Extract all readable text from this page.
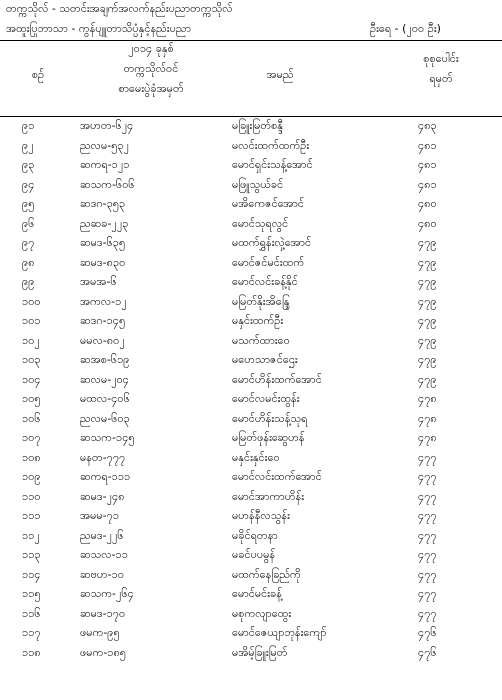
တက္ကသိုလ် - သတင်းအချက်အလက်နည်းပညာတက္ကသိုလ်
အထူးပြုဘာသာ - ကွန်ပျူတာသိပ္ပံနှင့်နည်းပညာ	ဦးရေ - (၂၀၀ ဦး)
စဉ်
၂၀၁၄ ခုနှစ်
တက္ကသိုလ်ဝင်
စာမေးပွဲခုံအမှတ်
အမည်
စုစုပေါင်း
ရမှတ်
၉၁	အဟတ-၆၂၄	မခြူးမြတ်စန္ဒီ	၄၈၃
၉၂	ညလမ-၅၃၂	မလင်းထက်ထက်ဦး	၄၈၁
၉၃	ဆကရ-၁၂၁	မောင်ရှင်းသန့်အောင်	၄၈၁
၉၄	ဆသက-၆၀၆	မဖြူသွယ်ခင်	၄၈၁
၉၅	ဆဒဂ-၃၅၃	မအိကေဇင်အောင်	၄၈၀
၉၆	ညဆခ-၂၂၃	မောင်သုရလွင်	၄၈၀
၉၇	ဆမဒ-၆၃၅	မထက်ရွှန်းလှဲ့အောင်	၄၇၉
၉၈	ဆမဒ-၈၃၀	မောင်ဇင်မင်းထက်	၄၇၉
၉၉	အမအ-၆	မောင်လင်းခန့်နိုင်	၄၇၉
၁၀၀	အကလ-၁၂	မမြတ်နိုးအိန္ဒြေ	၄၇၉
၁၀၁	ဆဒဂ-၁၄၅	မနှင်းထက်ဦး	၄၇၉
၁၀၂	မမလ-၈၀၂	မသက်ထားဝေ	၄၇၉
၁၀၃	ဆအစ-၆၁၉	မဟေသာဇင်ဌေး	၄၇၉
၁၀၄	ဆလမ-၂၀၄	မောင်ဟိန်းထက်အောင်	၄၇၉
၁၀၅	မထလ-၄၀၆	မောင်လမင်းထွန်း	၄၇၈
၁၀၆	ညလမ-၆၀၃	မောင်ဟိန်းသန့်သုရ	၄၇၈
၁၀၇	ဆသက-၁၄၅	မမြတ်ဖုန်းဆွေဟန်	၄၇၈
၁၀၈	မနတ-၇၇၇	မနှင်းနှင်းဝေ	၄၇၇
၁၀၉	ဆကရ-၁၁၁	မောင်လင်းထက်အောင်	၄၇၇
၁၁၀	ဆမဒ-၂၄၈	မောင်အာကာဟိန်း	၄၇၇
၁၁၁	အမမ-၇၁	မဟန်နီလသွန်း	၄၇၇
၁၁၂	ညမဒ-၂၂၆	မခိုင်ရတနာ	၄၇၇
၁၁၃	ဆသလ-၁၁	မခင်ပပမွန်	၄၇၇
၁၁၄	ဆဗဟ-၁၀	မထက်နေခြည်ကို	၄၇၇
၁၁၅	ဆသက-၂၆၄	မောင်မင်းခန့်	၄၇၇
၁၁၆	ဆမဒ-၁၇၀	မစုကလျာထွေး	၄၇၇
၁၁၇	ဖမက-၉၅	မောင်ဇေယျာဘုန်းကျော်	၄၇၆
၁၁၈	ဖမက-၁၈၅	မအိမ့်ခြူးမြတ်	၄၇၆
